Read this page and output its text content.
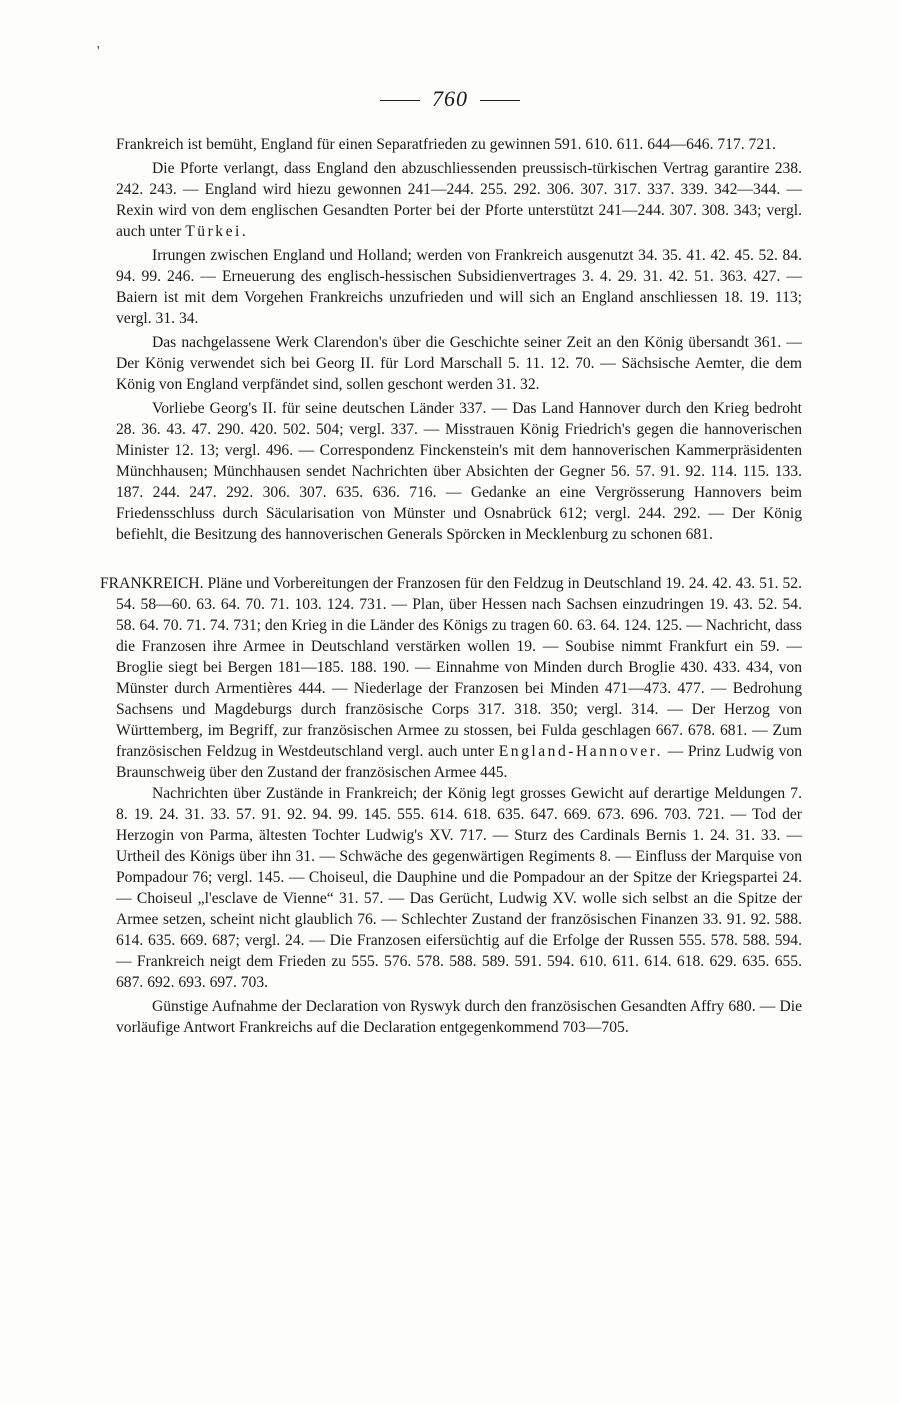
'
760

Frankreich ist bemüht, England für einen Separatfrieden zu gewinnen 591. 610. 611. 644—646. 717. 721.

Die Pforte verlangt, dass England den abzuschliessenden preussisch-türkischen Vertrag garantire 238. 242. 243. — England wird hiezu gewonnen 241—244. 255. 292. 306. 307. 317. 337. 339. 342—344. — Rexin wird von dem englischen Gesandten Porter bei der Pforte unterstützt 241—244. 307. 308. 343; vergl. auch unter Türkei.

Irrungen zwischen England und Holland; werden von Frankreich ausgenutzt 34. 35. 41. 42. 45. 52. 84. 94. 99. 246. — Erneuerung des englisch-hessischen Subsidienvertrages 3. 4. 29. 31. 42. 51. 363. 427. — Baiern ist mit dem Vorgehen Frankreichs unzufrieden und will sich an England anschliessen 18. 19. 113; vergl. 31. 34.

Das nachgelassene Werk Clarendon's über die Geschichte seiner Zeit an den König übersandt 361. — Der König verwendet sich bei Georg II. für Lord Marschall 5. 11. 12. 70. — Sächsische Aemter, die dem König von England verpfändet sind, sollen geschont werden 31. 32.

Vorliebe Georg's II. für seine deutschen Länder 337. — Das Land Hannover durch den Krieg bedroht 28. 36. 43. 47. 290. 420. 502. 504; vergl. 337. — Misstrauen König Friedrich's gegen die hannoverischen Minister 12. 13; vergl. 496. — Correspondenz Finckenstein's mit dem hannoverischen Kammerpräsidenten Münchhausen; Münchhausen sendet Nachrichten über Absichten der Gegner 56. 57. 91. 92. 114. 115. 133. 187. 244. 247. 292. 306. 307. 635. 636. 716. — Gedanke an eine Vergrösserung Hannovers beim Friedensschluss durch Säcularisation von Münster und Osnabrück 612; vergl. 244. 292. — Der König befiehlt, die Besitzung des hannoverischen Generals Spörcken in Mecklenburg zu schonen 681.

FRANKREICH. Pläne und Vorbereitungen der Franzosen für den Feldzug in Deutschland 19. 24. 42. 43. 51. 52. 54. 58—60. 63. 64. 70. 71. 103. 124. 731. — Plan, über Hessen nach Sachsen einzudringen 19. 43. 52. 54. 58. 64. 70. 71. 74. 731; den Krieg in die Länder des Königs zu tragen 60. 63. 64. 124. 125. — Nachricht, dass die Franzosen ihre Armee in Deutschland verstärken wollen 19. — Soubise nimmt Frankfurt ein 59. — Broglie siegt bei Bergen 181—185. 188. 190. — Einnahme von Minden durch Broglie 430. 433. 434, von Münster durch Armentières 444. — Niederlage der Franzosen bei Minden 471—473. 477. — Bedrohung Sachsens und Magdeburgs durch französische Corps 317. 318. 350; vergl. 314. — Der Herzog von Württemberg, im Begriff, zur französischen Armee zu stossen, bei Fulda geschlagen 667. 678. 681. — Zum französischen Feldzug in Westdeutschland vergl. auch unter England-Hannover. — Prinz Ludwig von Braunschweig über den Zustand der französischen Armee 445.

Nachrichten über Zustände in Frankreich; der König legt grosses Gewicht auf derartige Meldungen 7. 8. 19. 24. 31. 33. 57. 91. 92. 94. 99. 145. 555. 614. 618. 635. 647. 669. 673. 696. 703. 721. — Tod der Herzogin von Parma, ältesten Tochter Ludwig's XV. 717. — Sturz des Cardinals Bernis 1. 24. 31. 33. — Urtheil des Königs über ihn 31. — Schwäche des gegenwärtigen Regiments 8. — Einfluss der Marquise von Pompadour 76; vergl. 145. — Choiseul, die Dauphine und die Pompadour an der Spitze der Kriegspartei 24. — Choiseul „l'esclave de Vienne“ 31. 57. — Das Gerücht, Ludwig XV. wolle sich selbst an die Spitze der Armee setzen, scheint nicht glaublich 76. — Schlechter Zustand der französischen Finanzen 33. 91. 92. 588. 614. 635. 669. 687; vergl. 24. — Die Franzosen eifersüchtig auf die Erfolge der Russen 555. 578. 588. 594. — Frankreich neigt dem Frieden zu 555. 576. 578. 588. 589. 591. 594. 610. 611. 614. 618. 629. 635. 655. 687. 692. 693. 697. 703.

Günstige Aufnahme der Declaration von Ryswyk durch den französischen Gesandten Affry 680. — Die vorläufige Antwort Frankreichs auf die Declaration entgegenkommend 703—705.
